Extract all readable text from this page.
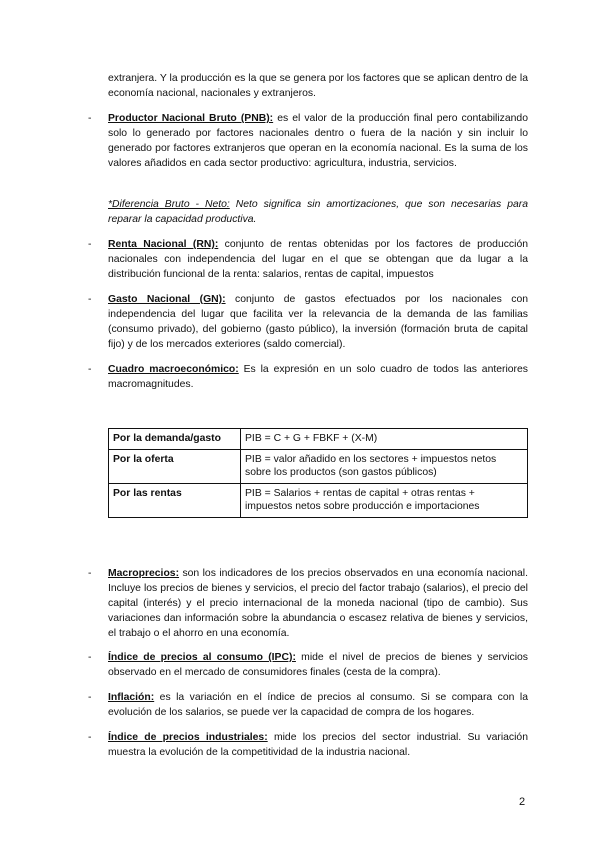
extranjera. Y la producción es la que se genera por los factores que se aplican dentro de la economía nacional, nacionales y extranjeros.

- Productor Nacional Bruto (PNB): es el valor de la producción final pero contabilizando solo lo generado por factores nacionales dentro o fuera de la nación y sin incluir lo generado por factores extranjeros que operan en la economía nacional. Es la suma de los valores añadidos en cada sector productivo: agricultura, industria, servicios.

*Diferencia Bruto - Neto: Neto significa sin amortizaciones, que son necesarias para reparar la capacidad productiva.

- Renta Nacional (RN): conjunto de rentas obtenidas por los factores de producción nacionales con independencia del lugar en el que se obtengan que da lugar a la distribución funcional de la renta: salarios, rentas de capital, impuestos

- Gasto Nacional (GN): conjunto de gastos efectuados por los nacionales con independencia del lugar que facilita ver la relevancia de la demanda de las familias (consumo privado), del gobierno (gasto público), la inversión (formación bruta de capital fijo) y de los mercados exteriores (saldo comercial).

- Cuadro macroeconómico: Es la expresión en un solo cuadro de todos las anteriores macromagnitudes.

Por la demanda/gasto	PIB = C + G + FBKF + (X-M)
Por la oferta	PIB = valor añadido en los sectores + impuestos netos sobre los productos (son gastos públicos)
Por las rentas	PIB = Salarios + rentas de capital + otras rentas + impuestos netos sobre producción e importaciones
- Macroprecios: son los indicadores de los precios observados en una economía nacional. Incluye los precios de bienes y servicios, el precio del factor trabajo (salarios), el precio del capital (interés) y el precio internacional de la moneda nacional (tipo de cambio). Sus variaciones dan información sobre la abundancia o escasez relativa de bienes y servicios, el trabajo o el ahorro en una economía.

- Índice de precios al consumo (IPC): mide el nivel de precios de bienes y servicios observado en el mercado de consumidores finales (cesta de la compra).

- Inflación: es la variación en el índice de precios al consumo. Si se compara con la evolución de los salarios, se puede ver la capacidad de compra de los hogares.

- Índice de precios industriales: mide los precios del sector industrial. Su variación muestra la evolución de la competitividad de la industria nacional.

2
